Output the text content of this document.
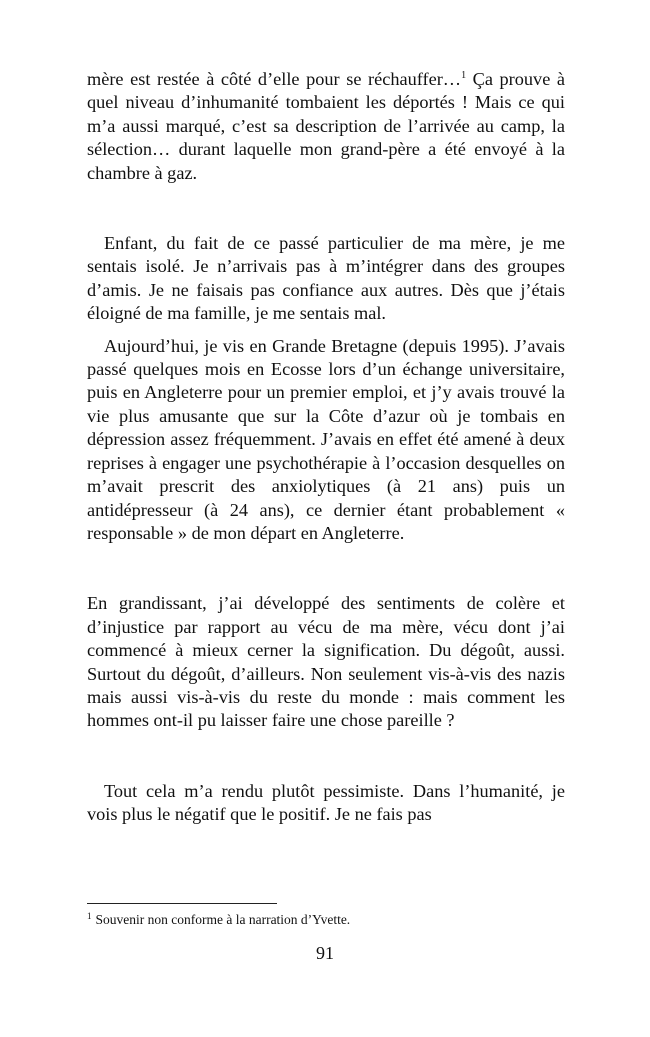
mère est restée à côté d’elle pour se réchauffer…$^1$ Ça prouve à quel niveau d’inhumanité tombaient les déportés ! Mais ce qui m’a aussi marqué, c’est sa description de l’arrivée au camp, la sélection… durant laquelle mon grand-père a été envoyé à la chambre à gaz.

Enfant, du fait de ce passé particulier de ma mère, je me sentais isolé. Je n’arrivais pas à m’intégrer dans des groupes d’amis. Je ne faisais pas confiance aux autres. Dès que j’étais éloigné de ma famille, je me sentais mal.

Aujourd’hui, je vis en Grande Bretagne (depuis 1995). J’avais passé quelques mois en Ecosse lors d’un échange universitaire, puis en Angleterre pour un premier emploi, et j’y avais trouvé la vie plus amusante que sur la Côte d’azur où je tombais en dépression assez fréquemment. J’avais en effet été amené à deux reprises à engager une psychothérapie à l’occasion desquelles on m’avait prescrit des anxiolytiques (à 21 ans) puis un antidépresseur (à 24 ans), ce dernier étant probablement « responsable » de mon départ en Angleterre.

En grandissant, j’ai développé des sentiments de colère et d’injustice par rapport au vécu de ma mère, vécu dont j’ai commencé à mieux cerner la signification. Du dégoût, aussi. Surtout du dégoût, d’ailleurs. Non seulement vis-à-vis des nazis mais aussi vis-à-vis du reste du monde : mais comment les hommes ont-il pu laisser faire une chose pareille ?

Tout cela m’a rendu plutôt pessimiste. Dans l’humanité, je vois plus le négatif que le positif. Je ne fais pas

$^1$ Souvenir non conforme à la narration d’Yvette.
91
